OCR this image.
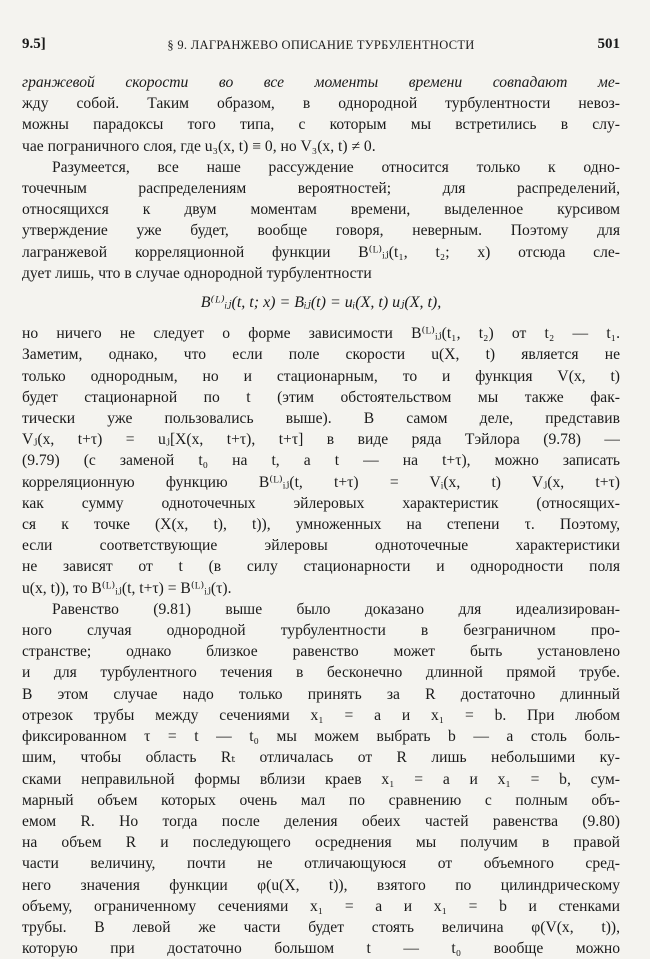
9.5]	§ 9. ЛАГРАНЖЕВО ОПИСАНИЕ ТУРБУЛЕНТНОСТИ	501
гранжевой скорости во все моменты времени совпадают ме-
жду собой. Таким образом, в однородной турбулентности невоз-
можны парадоксы того типа, с которым мы встретились в слу-
чае пограничного слоя, где u₃(x, t) ≡ 0, но V₃(x, t) ≠ 0.
Разумеется, все наше рассуждение относится только к одно-
точечным распределениям вероятностей; для распределений,
относящихся к двум моментам времени, выделенное курсивом
утверждение уже будет, вообще говоря, неверным. Поэтому для
лагранжевой корреляционной функции B⁽ᴸ⁾ᵢⱼ(t₁, t₂; x) отсюда сле-
дует лишь, что в случае однородной турбулентности
B⁽ᴸ⁾ᵢⱼ(t, t; x) = Bᵢⱼ(t) = uᵢ(X, t) uⱼ(X, t),
но ничего не следует о форме зависимости B⁽ᴸ⁾ᵢⱼ(t₁, t₂) от t₂ — t₁.
Заметим, однако, что если поле скорости u(X, t) является не
только однородным, но и стационарным, то и функция V(x, t)
будет стационарной по t (этим обстоятельством мы также фак-
тически уже пользовались выше). В самом деле, представив
Vⱼ(x, t+τ) = uⱼ[X(x, t+τ), t+τ] в виде ряда Тэйлора (9.78) —
(9.79) (с заменой t₀ на t, а t — на t+τ), можно записать
корреляционную функцию B⁽ᴸ⁾ᵢⱼ(t, t+τ) = Vᵢ(x, t) Vⱼ(x, t+τ)
как сумму одноточечных эйлеровых характеристик (относящих-
ся к точке (X(x, t), t)), умноженных на степени τ. Поэтому,
если соответствующие эйлеровы одноточечные характеристики
не зависят от t (в силу стационарности и однородности поля
u(x, t)), то B⁽ᴸ⁾ᵢⱼ(t, t+τ) = B⁽ᴸ⁾ᵢⱼ(τ).
Равенство (9.81) выше было доказано для идеализирован-
ного случая однородной турбулентности в безграничном про-
странстве; однако близкое равенство может быть установлено
и для турбулентного течения в бесконечно длинной прямой трубе.
В этом случае надо только принять за R достаточно длинный
отрезок трубы между сечениями x₁ = a и x₁ = b. При любом
фиксированном τ = t — t₀ мы можем выбрать b — a столь боль-
шим, чтобы область Rₜ отличалась от R лишь небольшими ку-
сками неправильной формы вблизи краев x₁ = a и x₁ = b, сум-
марный объем которых очень мал по сравнению с полным объ-
емом R. Но тогда после деления обеих частей равенства (9.80)
на объем R и последующего осреднения мы получим в правой
части величину, почти не отличающуюся от объемного сред-
него значения функции φ(u(X, t)), взятого по цилиндрическому
объему, ограниченному сечениями x₁ = a и x₁ = b и стенками
трубы. В левой же части будет стоять величина φ(V(x, t)),
которую при достаточно большом t — t₀ вообще можно
